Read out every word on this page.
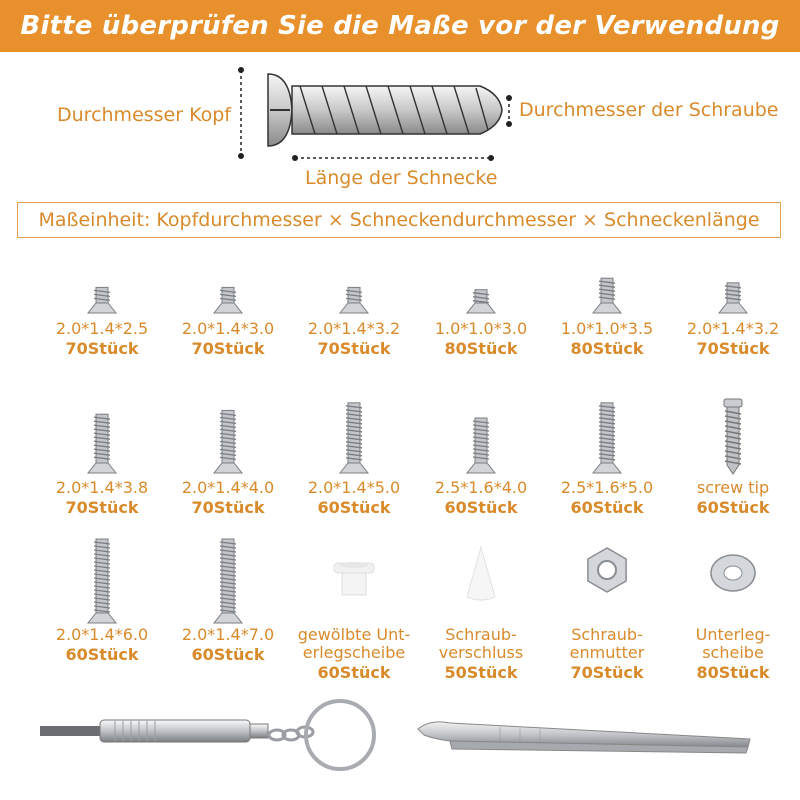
Bitte überprüfen Sie die Maße vor der Verwendung
Durchmesser Kopf	Durchmesser der Schraube
Länge der Schnecke
Maßeinheit: Kopfdurchmesser × Schneckendurchmesser × Schneckenlänge
2.0*1.4*2.5
70Stück
2.0*1.4*3.0
70Stück
2.0*1.4*3.2
70Stück
1.0*1.0*3.0
80Stück
1.0*1.0*3.5
80Stück
2.0*1.4*3.2
70Stück
2.0*1.4*3.8
70Stück
2.0*1.4*4.0
70Stück
2.0*1.4*5.0
60Stück
2.5*1.6*4.0
60Stück
2.5*1.6*5.0
60Stück
screw tip
60Stück
2.0*1.4*6.0
60Stück
2.0*1.4*7.0
60Stück
gewölbte Unt-
erlegscheibe
60Stück
Schraub-
verschluss
50Stück
Schraub-
enmutter
70Stück
Unterleg-
scheibe
80Stück
